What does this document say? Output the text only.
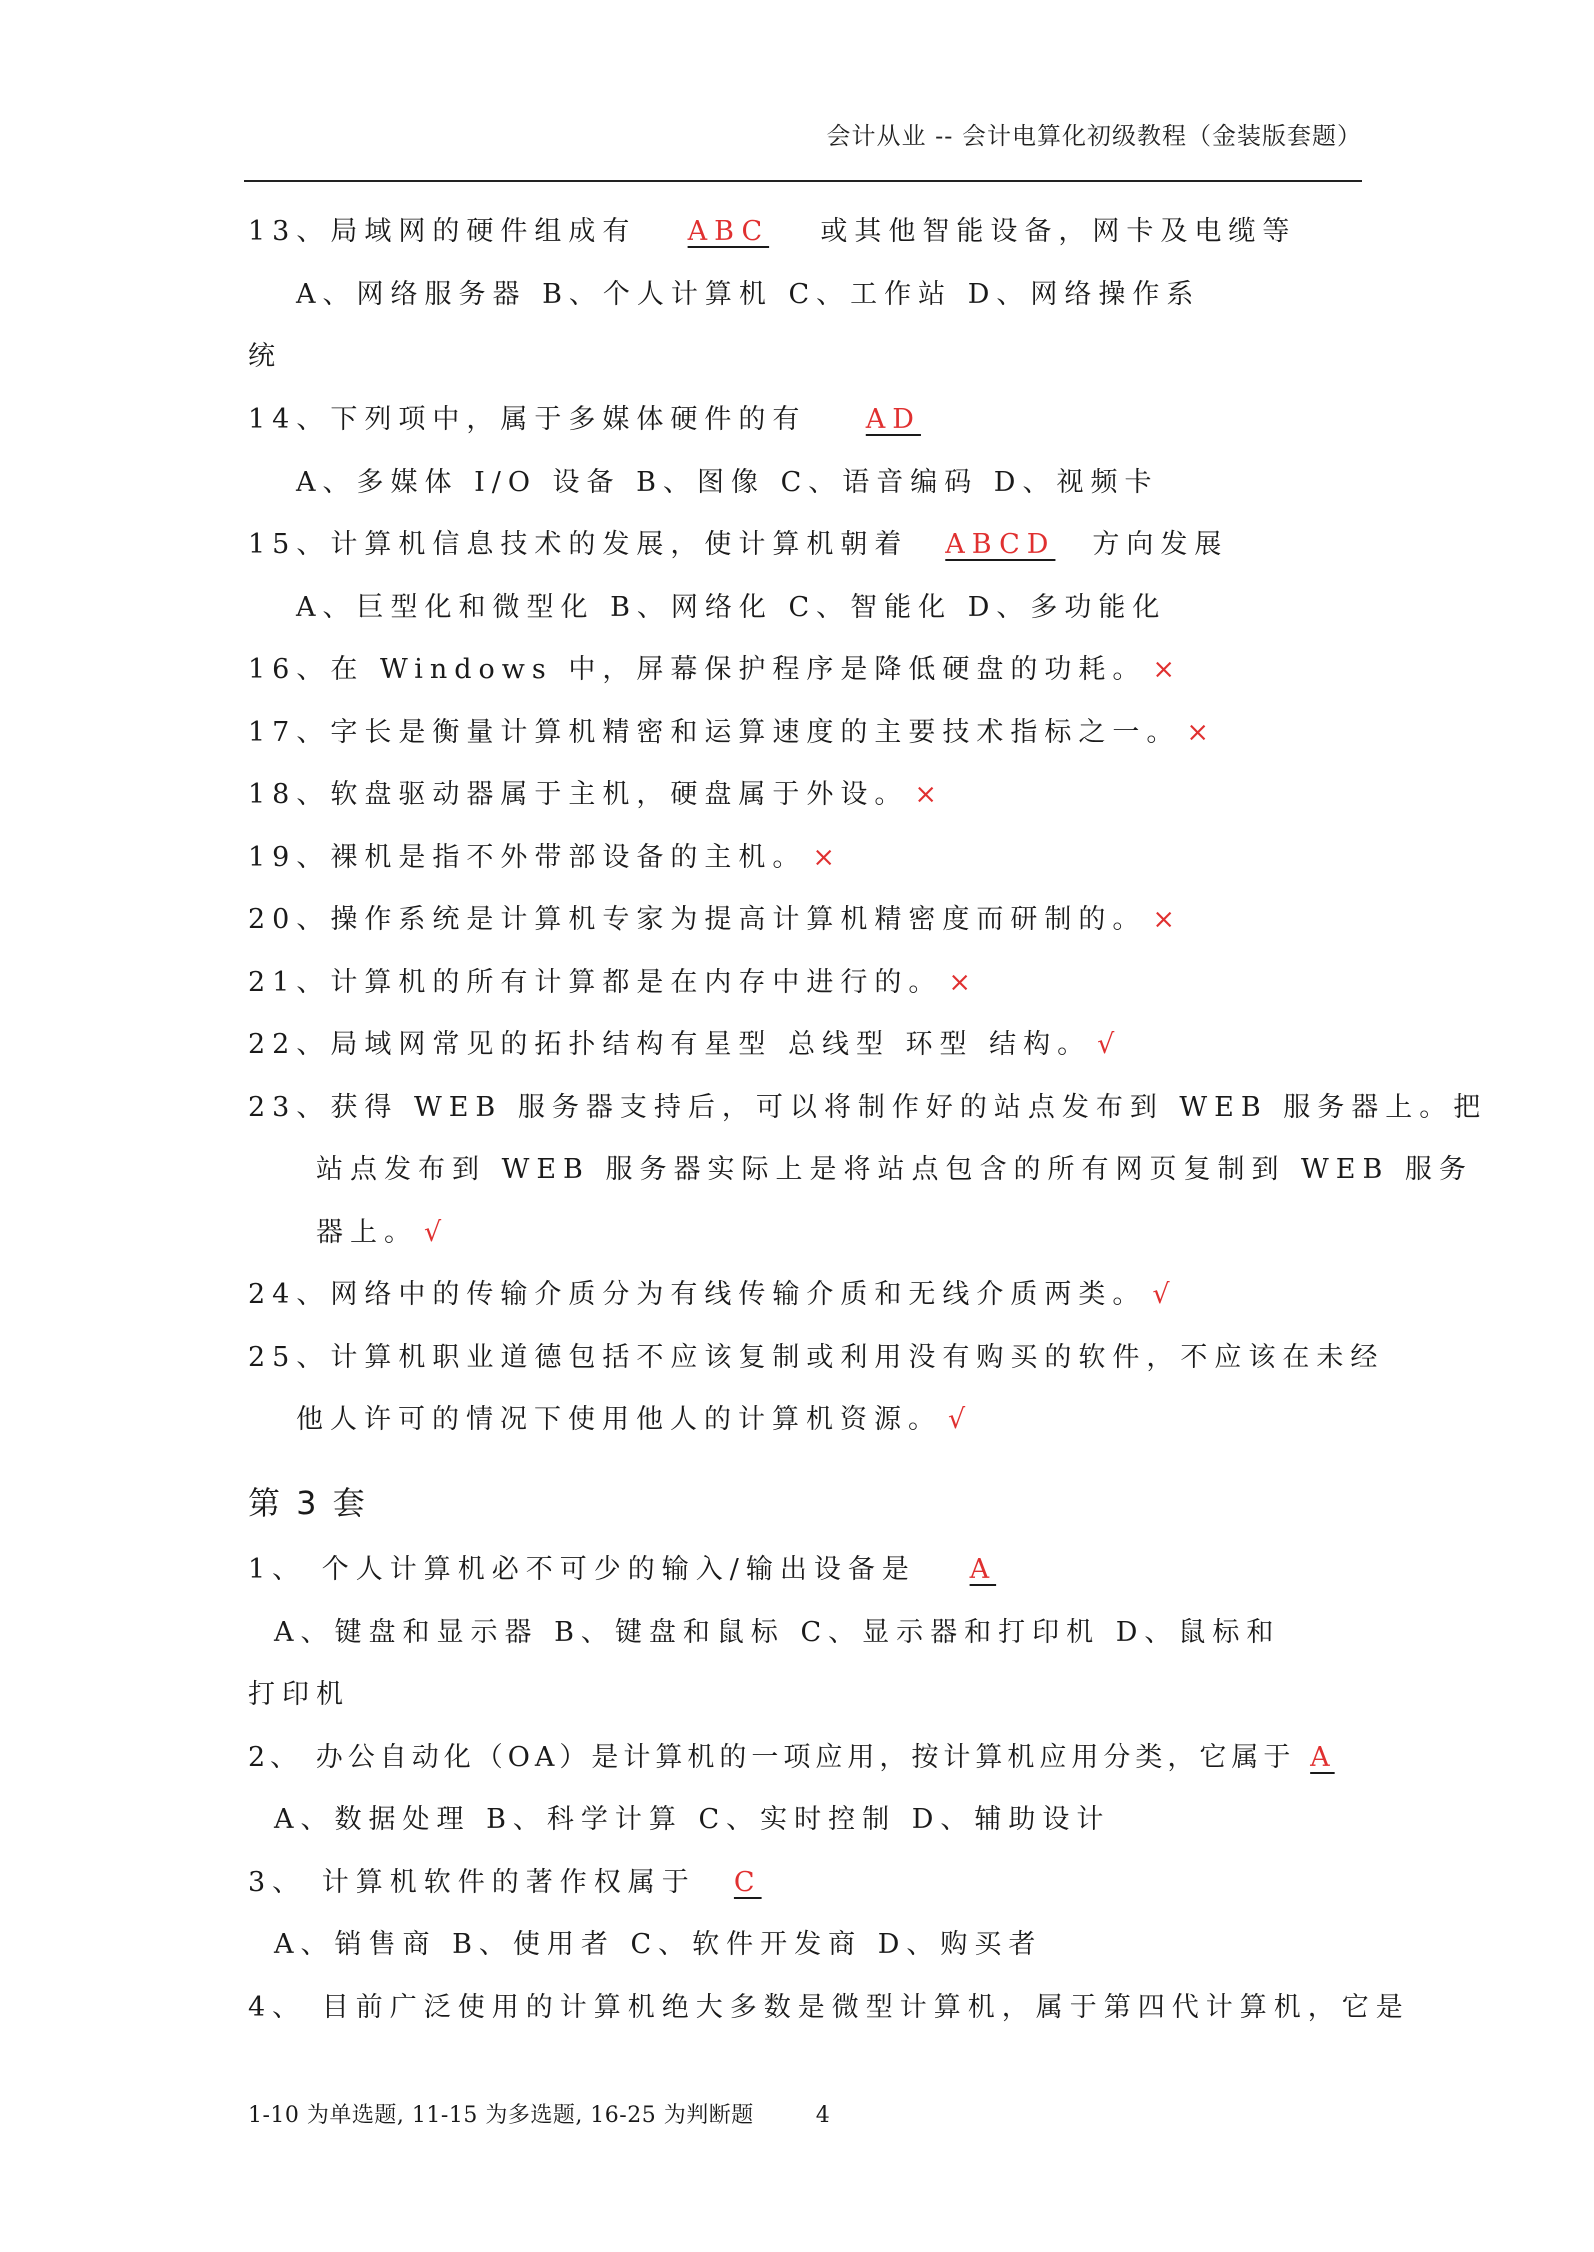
会计从业 -- 会计电算化初级教程（金装版套题）
13、局域网的硬件组成有 ABC 或其他智能设备，网卡及电缆等
A、网络服务器 B、个人计算机 C、工作站 D、网络操作系
统
14、下列项中，属于多媒体硬件的有 AD
A、多媒体 I/O 设备 B、图像 C、语音编码 D、视频卡
15、计算机信息技术的发展，使计算机朝着 ABCD 方向发展
A、巨型化和微型化 B、网络化 C、智能化 D、多功能化
16、在 Windows 中，屏幕保护程序是降低硬盘的功耗。 ×
17、字长是衡量计算机精密和运算速度的主要技术指标之一。 ×
18、软盘驱动器属于主机，硬盘属于外设。 ×
19、裸机是指不外带部设备的主机。 ×
20、操作系统是计算机专家为提高计算机精密度而研制的。 ×
21、计算机的所有计算都是在内存中进行的。 ×
22、局域网常见的拓扑结构有星型 总线型 环型 结构。 √
23、获得 WEB 服务器支持后，可以将制作好的站点发布到 WEB 服务器上。把
站点发布到 WEB 服务器实际上是将站点包含的所有网页复制到 WEB 服务
器上。 √
24、网络中的传输介质分为有线传输介质和无线介质两类。 √
25、计算机职业道德包括不应该复制或利用没有购买的软件，不应该在未经
他人许可的情况下使用他人的计算机资源。 √
第 3 套
1、 个人计算机必不可少的输入/输出设备是 A
A、键盘和显示器 B、键盘和鼠标 C、显示器和打印机 D、鼠标和
打印机
2、 办公自动化（OA）是计算机的一项应用，按计算机应用分类，它属于 A
A、数据处理 B、科学计算 C、实时控制 D、辅助设计
3、 计算机软件的著作权属于 C
A、销售商 B、使用者 C、软件开发商 D、购买者
4、 目前广泛使用的计算机绝大多数是微型计算机，属于第四代计算机，它是
1-10 为单选题, 11-15 为多选题, 16-25 为判断题	4
